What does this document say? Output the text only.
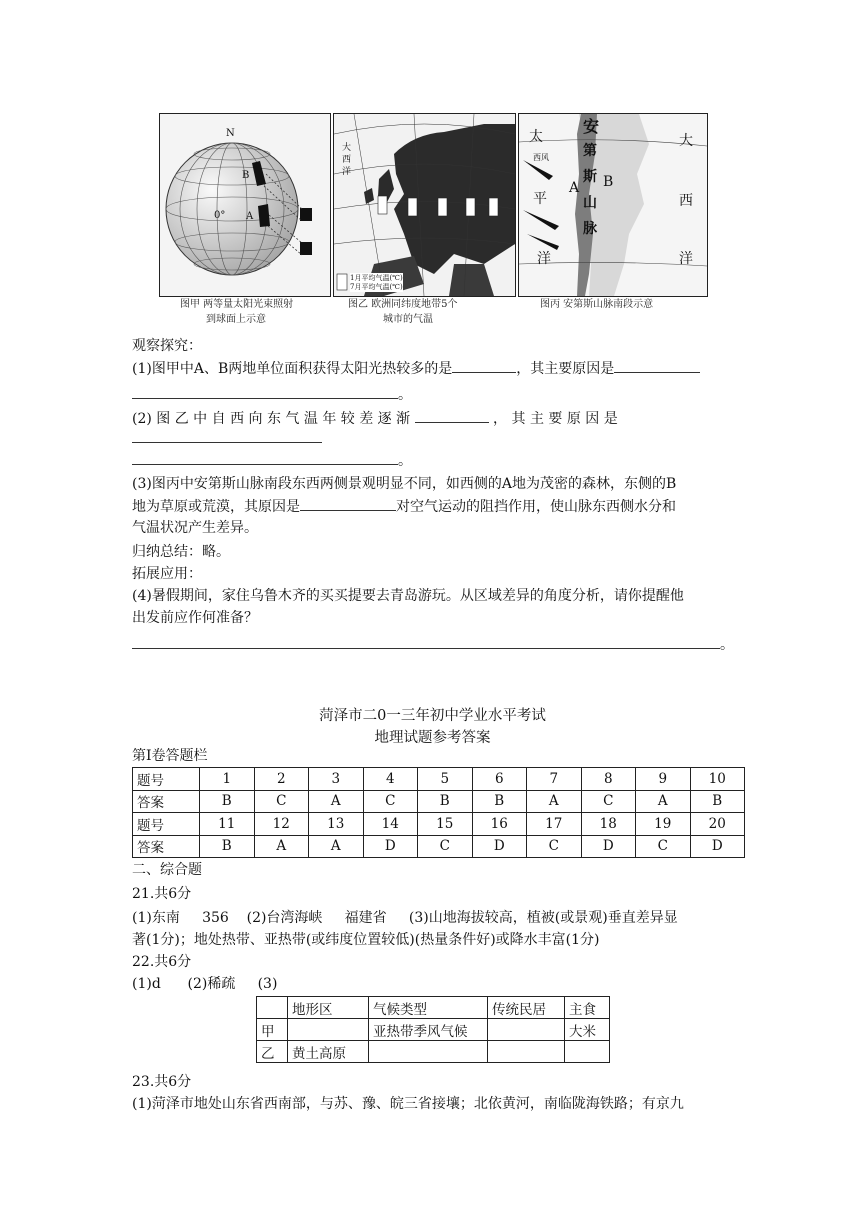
N
B
A
0°
图甲 两等量太阳光束照射
到球面上示意
大西洋
1月平均气温(℃)
7月平均气温(℃)
图乙 欧洲同纬度地带5个
城市的气温
太
平
洋
安
第
斯
山
脉
A B
西
大
洋
西风
图丙 安第斯山脉南段示意
观察探究：
(1)图甲中A、B两地单位面积获得太阳光热较多的是	，其主要原因是
。
(2) 图 乙 中 自 西 向 东 气 温 年 较 差 逐 渐	， 其 主 要 原 因 是
。
(3)图丙中安第斯山脉南段东西两侧景观明显不同，如西侧的A地为茂密的森林，东侧的B
地为草原或荒漠，其原因是	对空气运动的阻挡作用，使山脉东西侧水分和
气温状况产生差异。
归纳总结：略。
拓展应用：
(4)暑假期间，家住乌鲁木齐的买买提要去青岛游玩。从区域差异的角度分析，请你提醒他
出发前应作何准备？
。
菏泽市二0一三年初中学业水平考试
地理试题参考答案
第Ⅰ卷答题栏
题号	1	2	3	4	5	6	7	8	9	10
答案	B	C	A	C	B	B	A	C	A	B
题号	11	12	13	14	15	16	17	18	19	20
答案	B	A	A	D	C	D	C	D	C	D
二、综合题
21.共6分
(1)东南     356    (2)台湾海峡     福建省     (3)山地海拔较高，植被(或景观)垂直差异显
著(1分)；地处热带、亚热带(或纬度位置较低)(热量条件好)或降水丰富(1分)
22.共6分
(1)d      (2)稀疏     (3)
	地形区	气候类型	传统民居	主食
甲		亚热带季风气候		大米
乙	黄土高原			
23.共6分
(1)菏泽市地处山东省西南部，与苏、豫、皖三省接壤；北依黄河，南临陇海铁路；有京九
